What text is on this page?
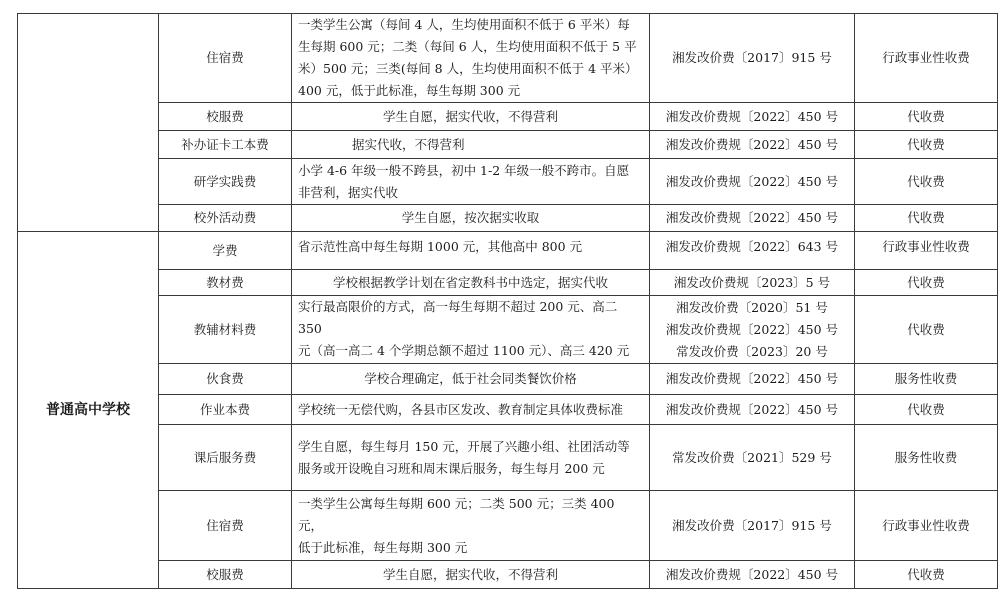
	住宿费	一类学生公寓（每间 4 人，生均使用面积不低于 6 平米）每
生每期 600 元；二类（每间 6 人，生均使用面积不低于 5 平
米）500 元；三类(每间 8 人，生均使用面积不低于 4 平米）
400 元，低于此标准，每生每期 300 元	湘发改价费〔2017〕915 号	行政事业性收费
	校服费	学生自愿，据实代收，不得营利	湘发改价费规〔2022〕450 号	代收费
	补办证卡工本费	据实代收，不得营利	湘发改价费规〔2022〕450 号	代收费
	研学实践费	小学 4-6 年级一般不跨县，初中 1-2 年级一般不跨市。自愿
非营利，据实代收	湘发改价费规〔2022〕450 号	代收费
	校外活动费	学生自愿，按次据实收取	湘发改价费规〔2022〕450 号	代收费
普通高中学校	学费	省示范性高中每生每期 1000 元，其他高中 800 元	湘发改价费规〔2022〕643 号	行政事业性收费
	教材费	学校根据教学计划在省定教科书中选定，据实代收	湘发改价费规〔2023〕5 号	代收费
	教辅材料费	实行最高限价的方式，高一每生每期不超过 200 元、高二 350
元（高一高二 4 个学期总额不超过 1100 元）、高三 420 元	湘发改价费〔2020〕51 号
湘发改价费规〔2022〕450 号
常发改价费〔2023〕20 号	代收费
	伙食费	学校合理确定，低于社会同类餐饮价格	湘发改价费规〔2022〕450 号	服务性收费
	作业本费	学校统一无偿代购，各县市区发改、教育制定具体收费标准	湘发改价费规〔2022〕450 号	代收费
	课后服务费	学生自愿，每生每月 150 元，开展了兴趣小组、社团活动等
服务或开设晚自习班和周末课后服务，每生每月 200 元	常发改价费〔2021〕529 号	服务性收费
	住宿费	一类学生公寓每生每期 600 元；二类 500 元；三类 400 元，
低于此标准，每生每期 300 元	湘发改价费〔2017〕915 号	行政事业性收费
	校服费	学生自愿，据实代收，不得营利	湘发改价费规〔2022〕450 号	代收费
